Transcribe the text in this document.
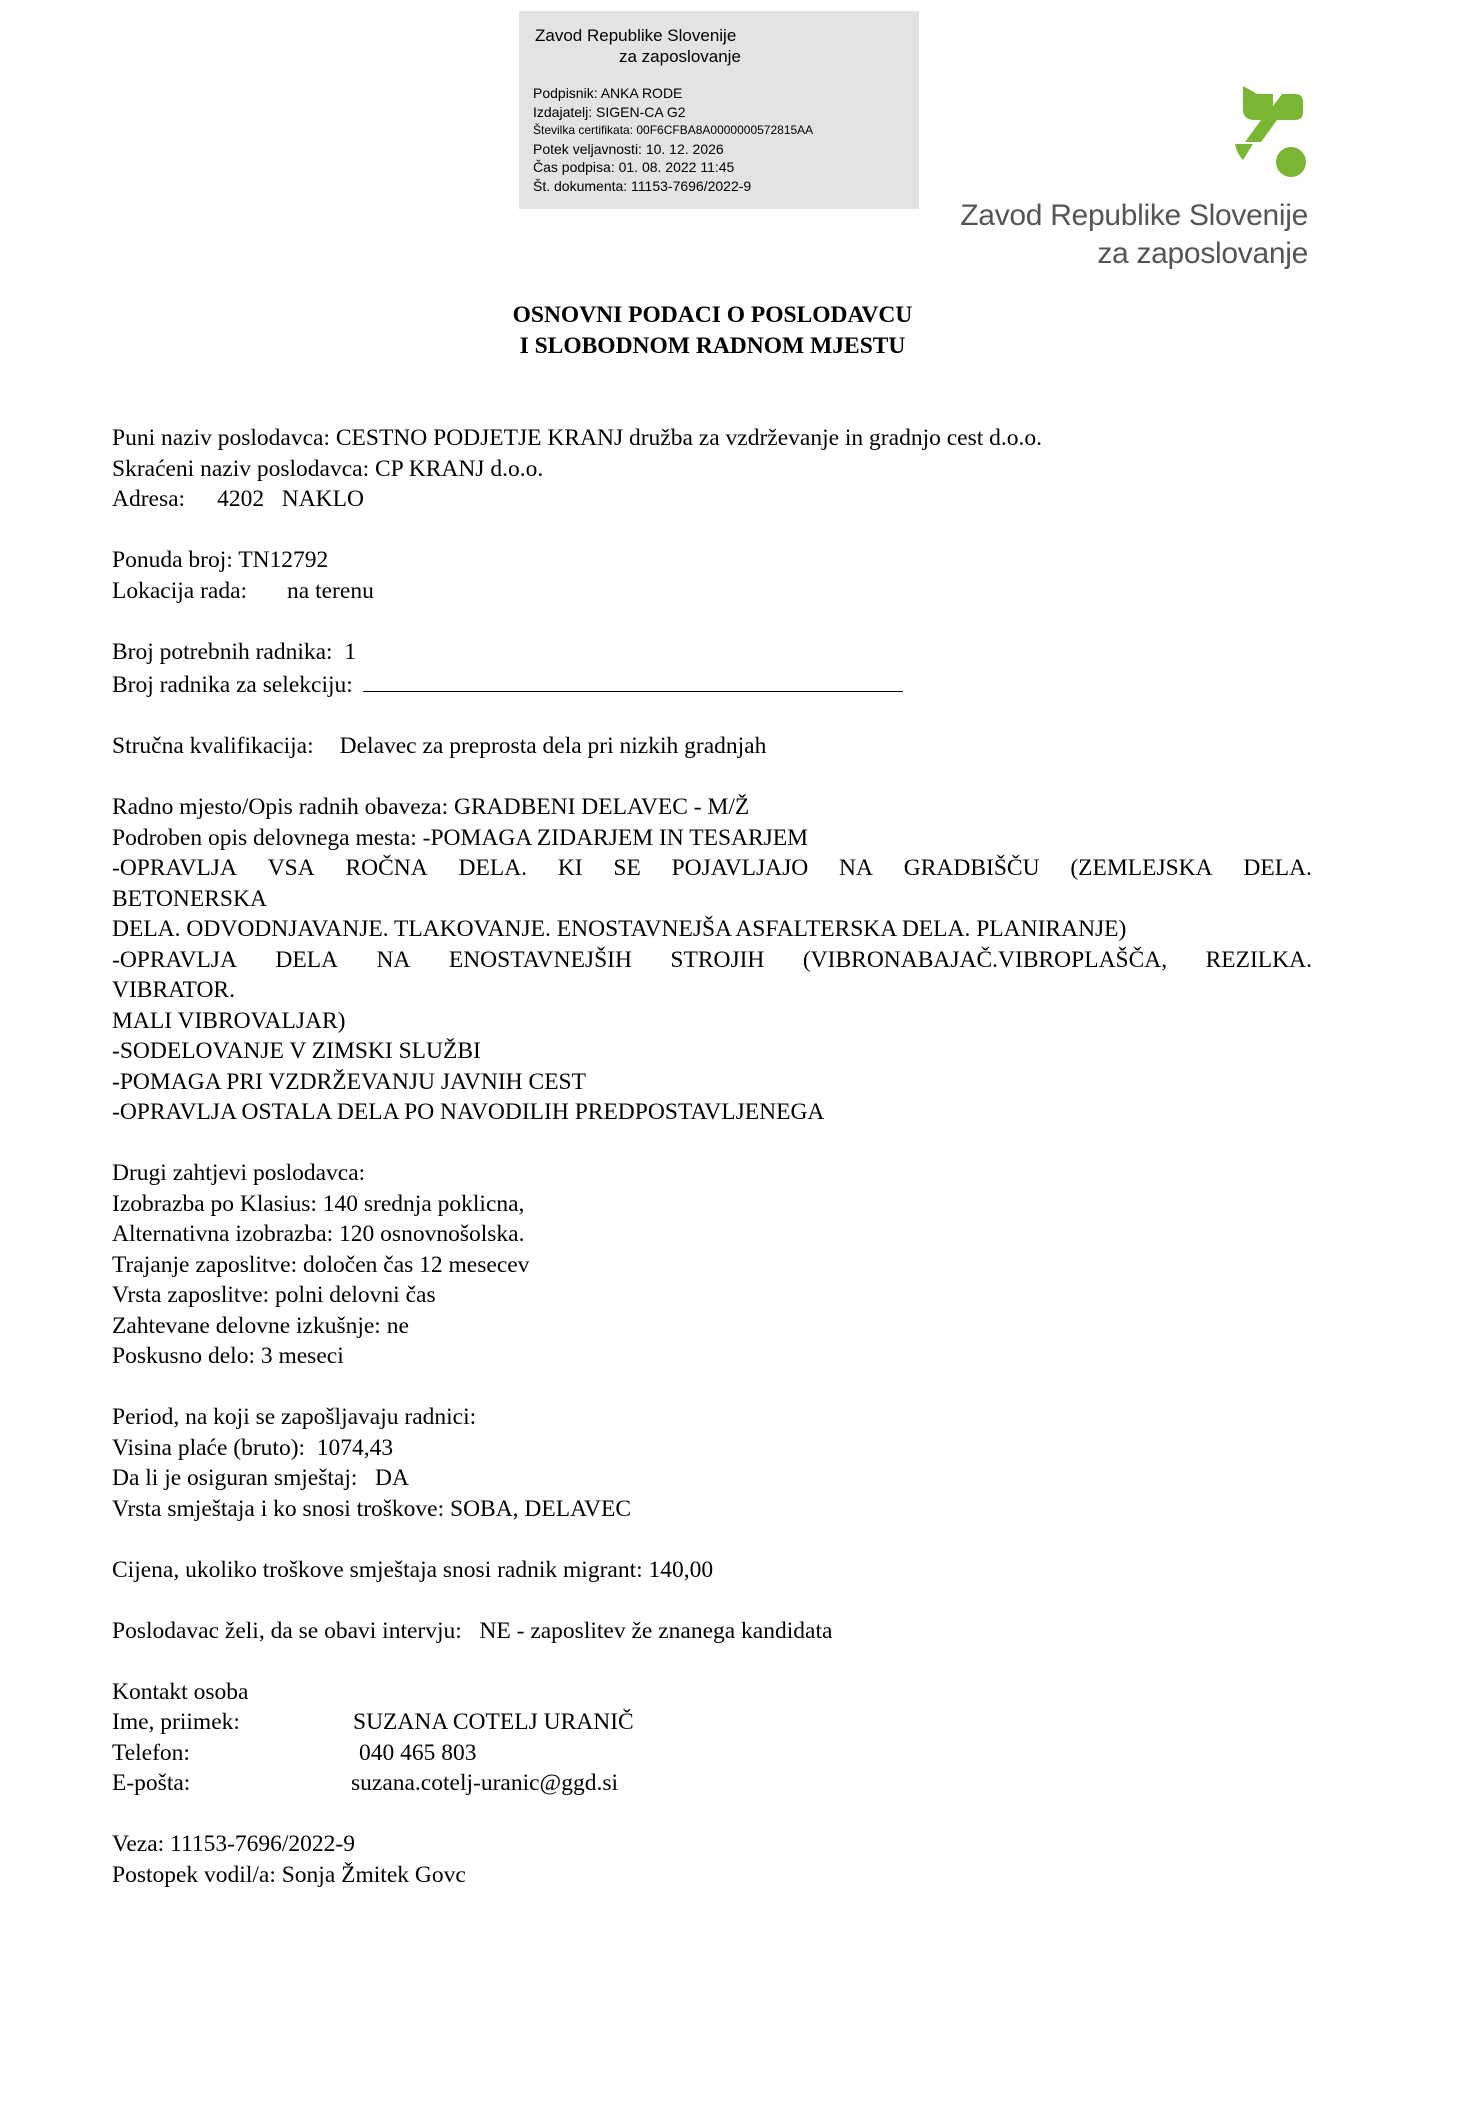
Zavod Republike Slovenije
za zaposlovanje
Podpisnik: ANKA RODE
Izdajatelj: SIGEN-CA G2
Številka certifikata: 00F6CFBA8A0000000572815AA
Potek veljavnosti: 10. 12. 2026
Čas podpisa: 01. 08. 2022 11:45
Št. dokumenta: 11153-7696/2022-9
Zavod Republike Slovenije
za zaposlovanje
OSNOVNI PODACI O POSLODAVCU
I SLOBODNOM RADNOM MJESTU
Puni naziv poslodavca: CESTNO PODJETJE KRANJ družba za vzdrževanje in gradnjo cest d.o.o.
Skraćeni naziv poslodavca: CP KRANJ d.o.o.
Adresa: 4202   NAKLO
Ponuda broj: TN12792
Lokacija rada: na terenu
Broj potrebnih radnika:  1
Broj radnika za selekciju:
Stručna kvalifikacija: Delavec za preprosta dela pri nizkih gradnjah
Radno mjesto/Opis radnih obaveza: GRADBENI DELAVEC - M/Ž
Podroben opis delovnega mesta: -POMAGA ZIDARJEM IN TESARJEM
-OPRAVLJA VSA ROČNA DELA. KI SE POJAVLJAJO NA GRADBIŠČU (ZEMLEJSKA DELA.
BETONERSKA
DELA. ODVODNJAVANJE. TLAKOVANJE. ENOSTAVNEJŠA ASFALTERSKA DELA. PLANIRANJE)
-OPRAVLJA DELA NA ENOSTAVNEJŠIH STROJIH (VIBRONABAJAČ.VIBROPLAŠČA, REZILKA.
VIBRATOR.
MALI VIBROVALJAR)
-SODELOVANJE V ZIMSKI SLUŽBI
-POMAGA PRI VZDRŽEVANJU JAVNIH CEST
-OPRAVLJA OSTALA DELA PO NAVODILIH PREDPOSTAVLJENEGA
Drugi zahtjevi poslodavca:
Izobrazba po Klasius: 140 srednja poklicna,
Alternativna izobrazba: 120 osnovnošolska.
Trajanje zaposlitve: določen čas 12 mesecev
Vrsta zaposlitve: polni delovni čas
Zahtevane delovne izkušnje: ne
Poskusno delo: 3 meseci
Period, na koji se zapošljavaju radnici:
Visina plaće (bruto):  1074,43
Da li je osiguran smještaj:   DA
Vrsta smještaja i ko snosi troškove: SOBA, DELAVEC
Cijena, ukoliko troškove smještaja snosi radnik migrant: 140,00
Poslodavac želi, da se obavi intervju:   NE - zaposlitev že znanega kandidata
Kontakt osoba
Ime, priimek:	SUZANA COTELJ URANIČ
Telefon:	040 465 803
E-pošta:	suzana.cotelj-uranic@ggd.si
Veza: 11153-7696/2022-9
Postopek vodil/a: Sonja Žmitek Govc
